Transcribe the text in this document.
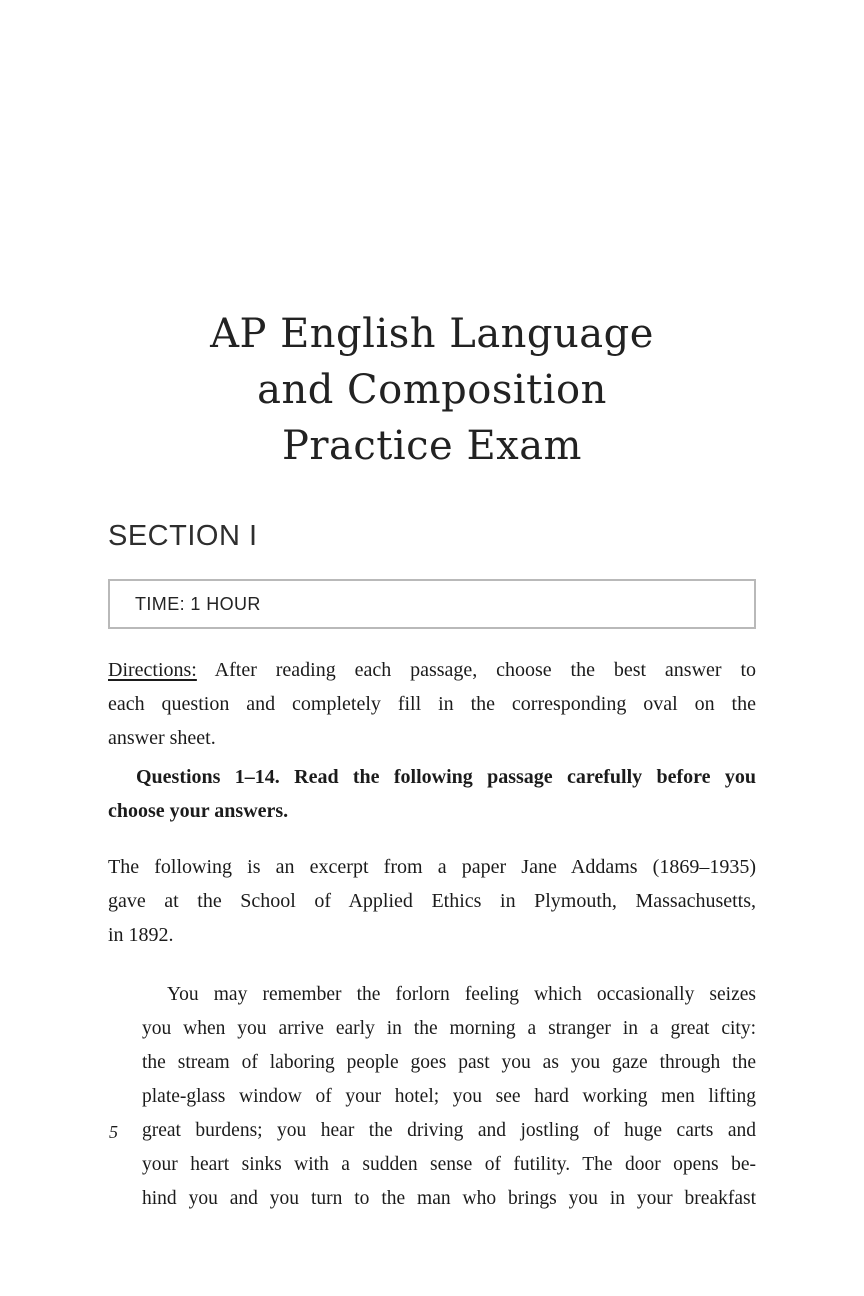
AP English Language
and Composition
Practice Exam
SECTION I
TIME: 1 HOUR
Directions: After reading each passage, choose the best answer to
each question and completely fill in the corresponding oval on the
answer sheet.
Questions 1–14. Read the following passage carefully before you
choose your answers.
The following is an excerpt from a paper Jane Addams (1869–1935)
gave at the School of Applied Ethics in Plymouth, Massachusetts,
in 1892.
You may remember the forlorn feeling which occasionally seizes
you when you arrive early in the morning a stranger in a great city:
the stream of laboring people goes past you as you gaze through the
plate-glass window of your hotel; you see hard working men lifting
5 great burdens; you hear the driving and jostling of huge carts and
your heart sinks with a sudden sense of futility. The door opens be-
hind you and you turn to the man who brings you in your breakfast
